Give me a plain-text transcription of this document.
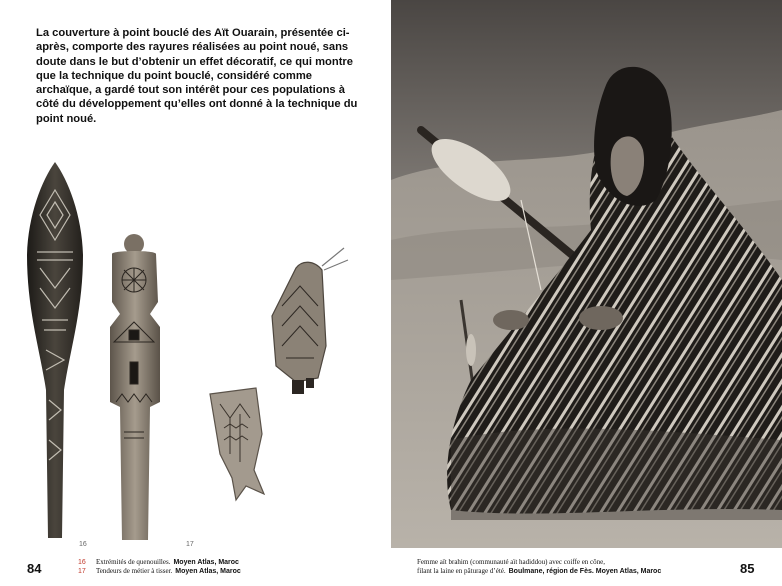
La couverture à point bouclé des Aït Ouarain, présentée ci-après, comporte des rayures réalisées au point noué, sans doute dans le but d’obtenir un effet décoratif, ce qui montre que la technique du point bouclé, considéré comme archaïque, a gardé tout son intérêt pour ces populations à côté du développement qu’elles ont donné à la technique du point noué.

16	17
84	16 Extrémités de quenouilles. Moyen Atlas, Maroc
17 Tendeurs de métier à tisser. Moyen Atlas, Maroc
Femme aït brahim (communauté aït hadiddou) avec coiffe en cône,
filant la laine en pâturage d’été. Boulmane, région de Fès. Moyen Atlas, Maroc	85
